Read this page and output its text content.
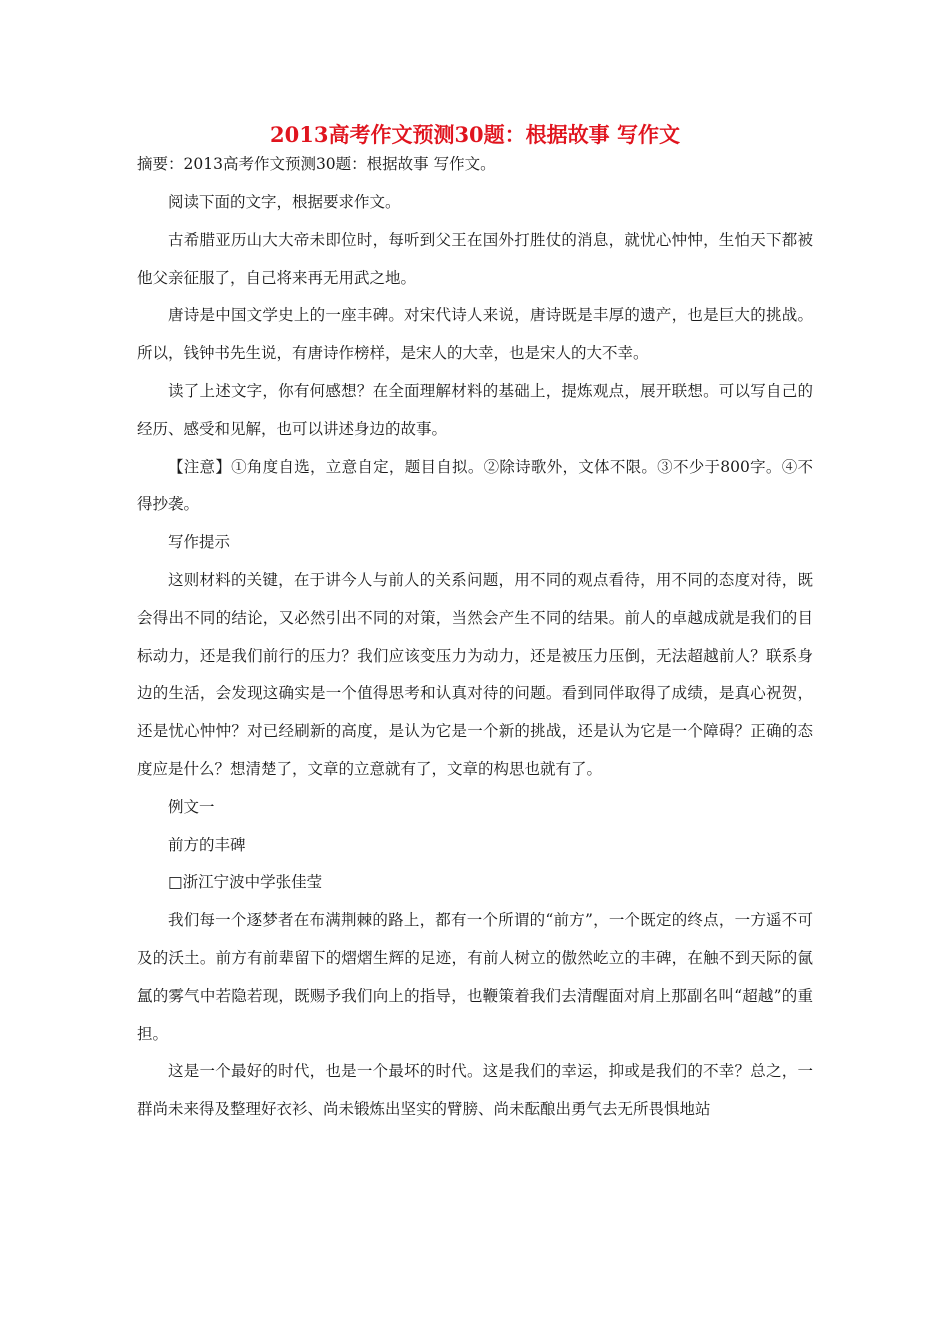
2013高考作文预测30题：根据故事 写作文

摘要：2013高考作文预测30题：根据故事 写作文。

阅读下面的文字，根据要求作文。

古希腊亚历山大大帝未即位时，每听到父王在国外打胜仗的消息，就忧心忡忡，生怕天下都被他父亲征服了，自己将来再无用武之地。

唐诗是中国文学史上的一座丰碑。对宋代诗人来说，唐诗既是丰厚的遗产，也是巨大的挑战。所以，钱钟书先生说，有唐诗作榜样，是宋人的大幸，也是宋人的大不幸。

读了上述文字，你有何感想？在全面理解材料的基础上，提炼观点，展开联想。可以写自己的经历、感受和见解，也可以讲述身边的故事。

【注意】①角度自选，立意自定，题目自拟。②除诗歌外，文体不限。③不少于800字。④不得抄袭。

写作提示

这则材料的关键，在于讲今人与前人的关系问题，用不同的观点看待，用不同的态度对待，既会得出不同的结论，又必然引出不同的对策，当然会产生不同的结果。前人的卓越成就是我们的目标动力，还是我们前行的压力？我们应该变压力为动力，还是被压力压倒，无法超越前人？联系身边的生活，会发现这确实是一个值得思考和认真对待的问题。看到同伴取得了成绩，是真心祝贺，还是忧心忡忡？对已经刷新的高度，是认为它是一个新的挑战，还是认为它是一个障碍？正确的态度应是什么？想清楚了，文章的立意就有了，文章的构思也就有了。

例文一

前方的丰碑

□浙江宁波中学张佳莹

我们每一个逐梦者在布满荆棘的路上，都有一个所谓的“前方”，一个既定的终点，一方遥不可及的沃土。前方有前辈留下的熠熠生辉的足迹，有前人树立的傲然屹立的丰碑，在触不到天际的氤氲的雾气中若隐若现，既赐予我们向上的指导，也鞭策着我们去清醒面对肩上那副名叫“超越”的重担。

这是一个最好的时代，也是一个最坏的时代。这是我们的幸运，抑或是我们的不幸？总之，一群尚未来得及整理好衣衫、尚未锻炼出坚实的臂膀、尚未酝酿出勇气去无所畏惧地站
